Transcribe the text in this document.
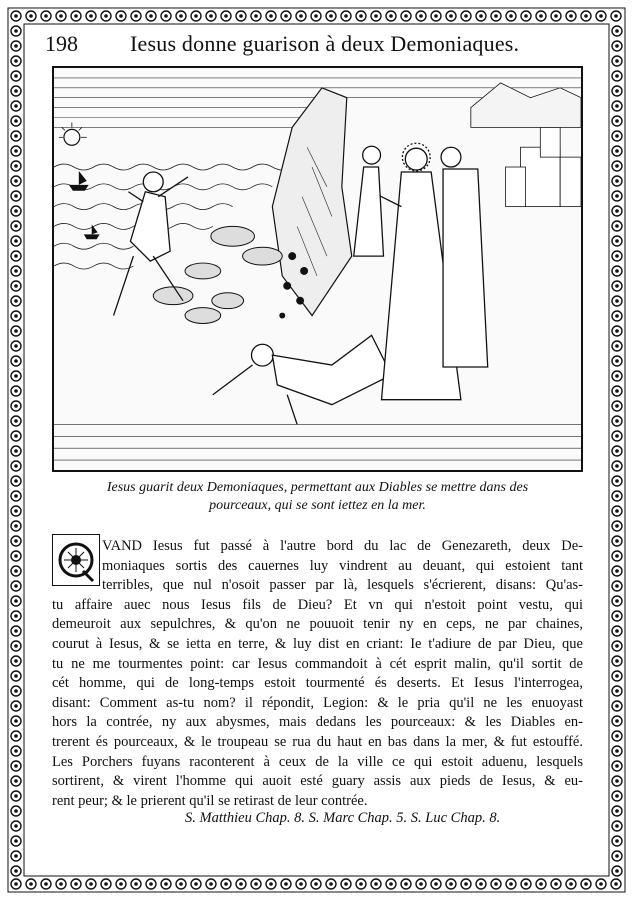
198 Iesus donne guarison à deux Demoniaques.
Iesus guarit deux Demoniaques, permettant aux Diables se mettre dans des
pourceaux, qui se sont iettez en la mer.
VAND Iesus fut passé à l'autre bord du lac de Genezareth, deux De-
moniaques sortis des cauernes luy vindrent au deuant, qui estoient tant
terribles, que nul n'osoit passer par là, lesquels s'écrierent, disans: Qu'as-
tu affaire auec nous Iesus fils de Dieu? Et vn qui n'estoit point vestu, qui
demeuroit aux sepulchres, & qu'on ne pouuoit tenir ny en ceps, ne par chaines,
courut à Iesus, & se ietta en terre, & luy dist en criant: Ie t'adiure de par Dieu, que
tu ne me tourmentes point: car Iesus commandoit à cét esprit malin, qu'il sortit de
cét homme, qui de long-temps estoit tourmenté és deserts. Et Iesus l'interrogea,
disant: Comment as-tu nom? il répondit, Legion: & le pria qu'il ne les enuoyast
hors la contrée, ny aux abysmes, mais dedans les pourceaux: & les Diables en-
trerent és pourceaux, & le troupeau se rua du haut en bas dans la mer, & fut estouffé.
Les Porchers fuyans raconterent à ceux de la ville ce qui estoit aduenu, lesquels
sortirent, & virent l'homme qui auoit esté guary assis aux pieds de Iesus, & eu-
rent peur; & le prierent qu'il se retirast de leur contrée.
S. Matthieu Chap. 8. S. Marc Chap. 5. S. Luc Chap. 8.
